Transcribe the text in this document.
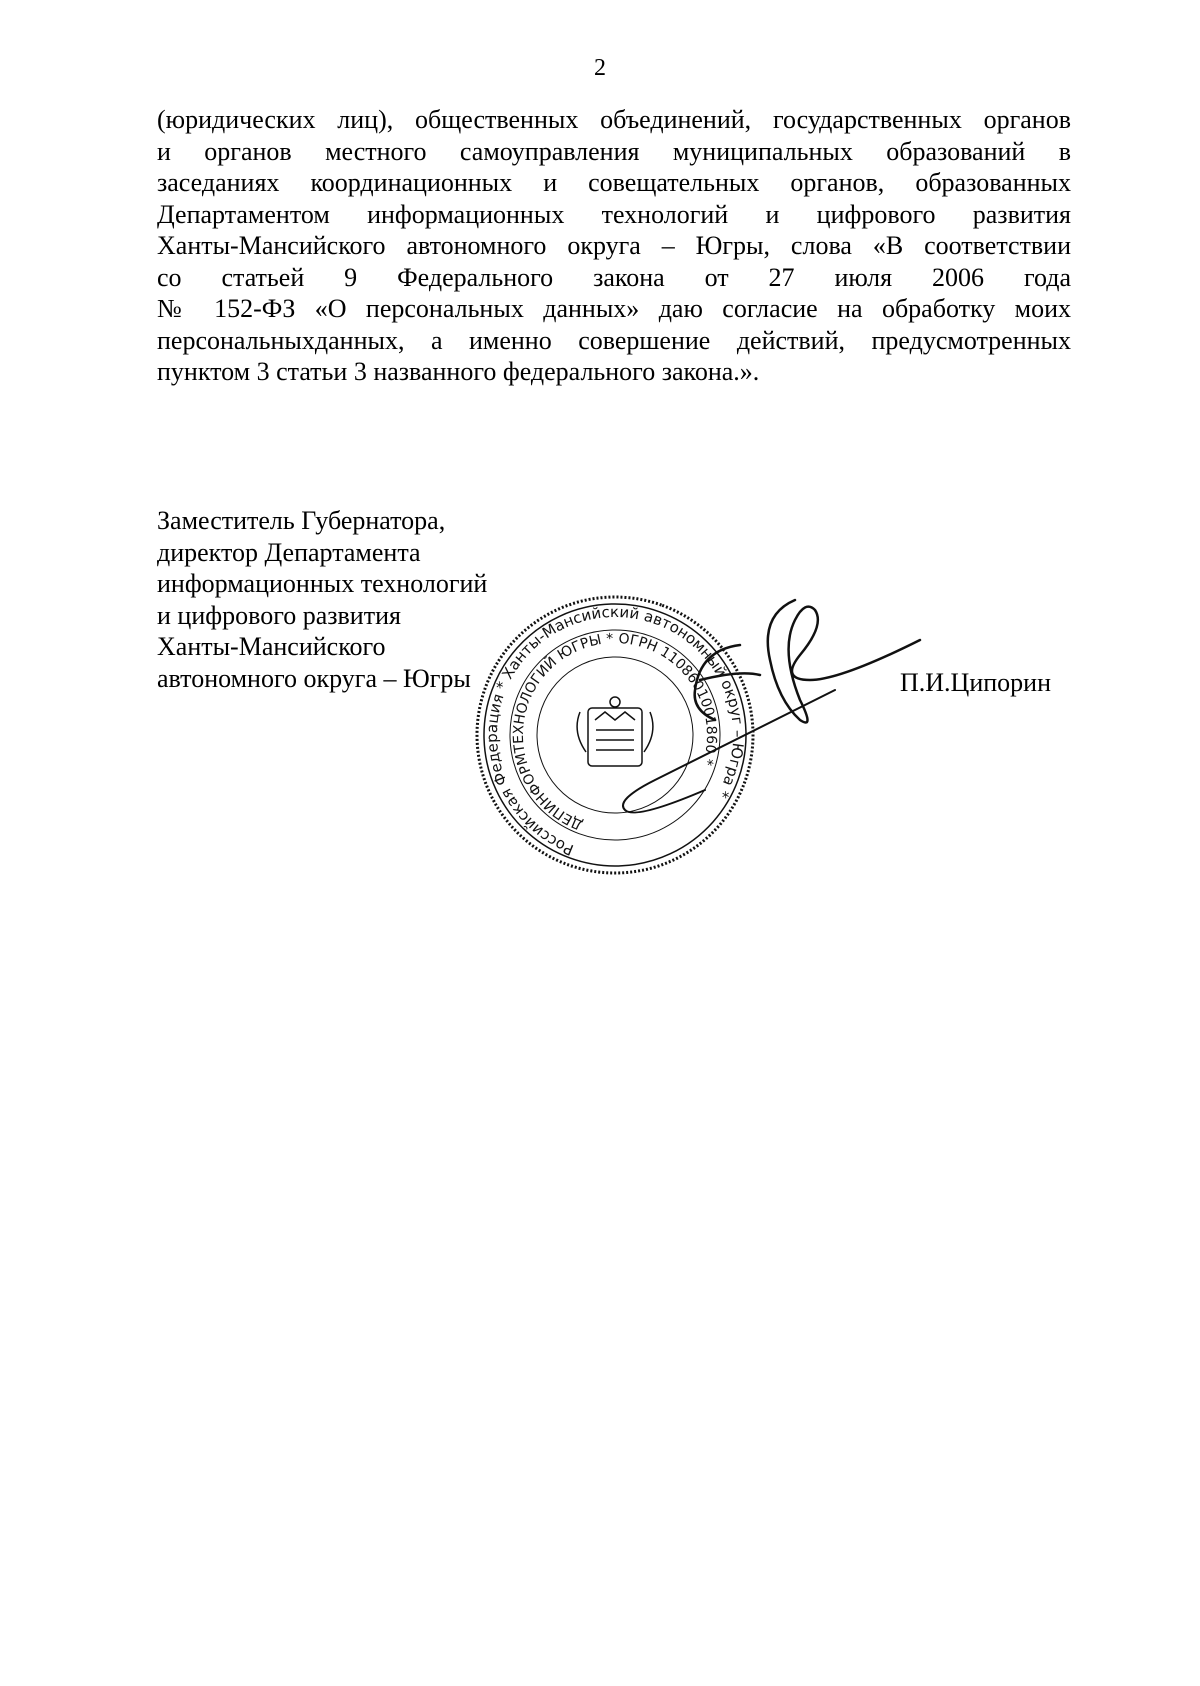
2
(юридических лиц), общественных объединений, государственных органов
и органов местного самоуправления муниципальных образований в
заседаниях координационных и совещательных органов, образованных
Департаментом информационных технологий и цифрового развития
Ханты-Мансийского автономного округа – Югры, слова «В соответствии
со статьей 9 Федерального закона от 27 июля 2006 года
№ 152-ФЗ «О персональных данных» даю согласие на обработку моих
персональныхданных, а именно совершение действий, предусмотренных
пунктом 3 статьи 3 названного федерального закона.».
Заместитель Губернатора,
директор Департамента
информационных технологий
и цифрового развития
Ханты-Мансийского
автономного округа – Югры
Российская Федерация * Ханты-Мансийский автономный округ – Югра *
ДЕПИНФОРМТЕХНОЛОГИЙ ЮГРЫ * ОГРН 1108601001860 *
П.И.Ципорин
